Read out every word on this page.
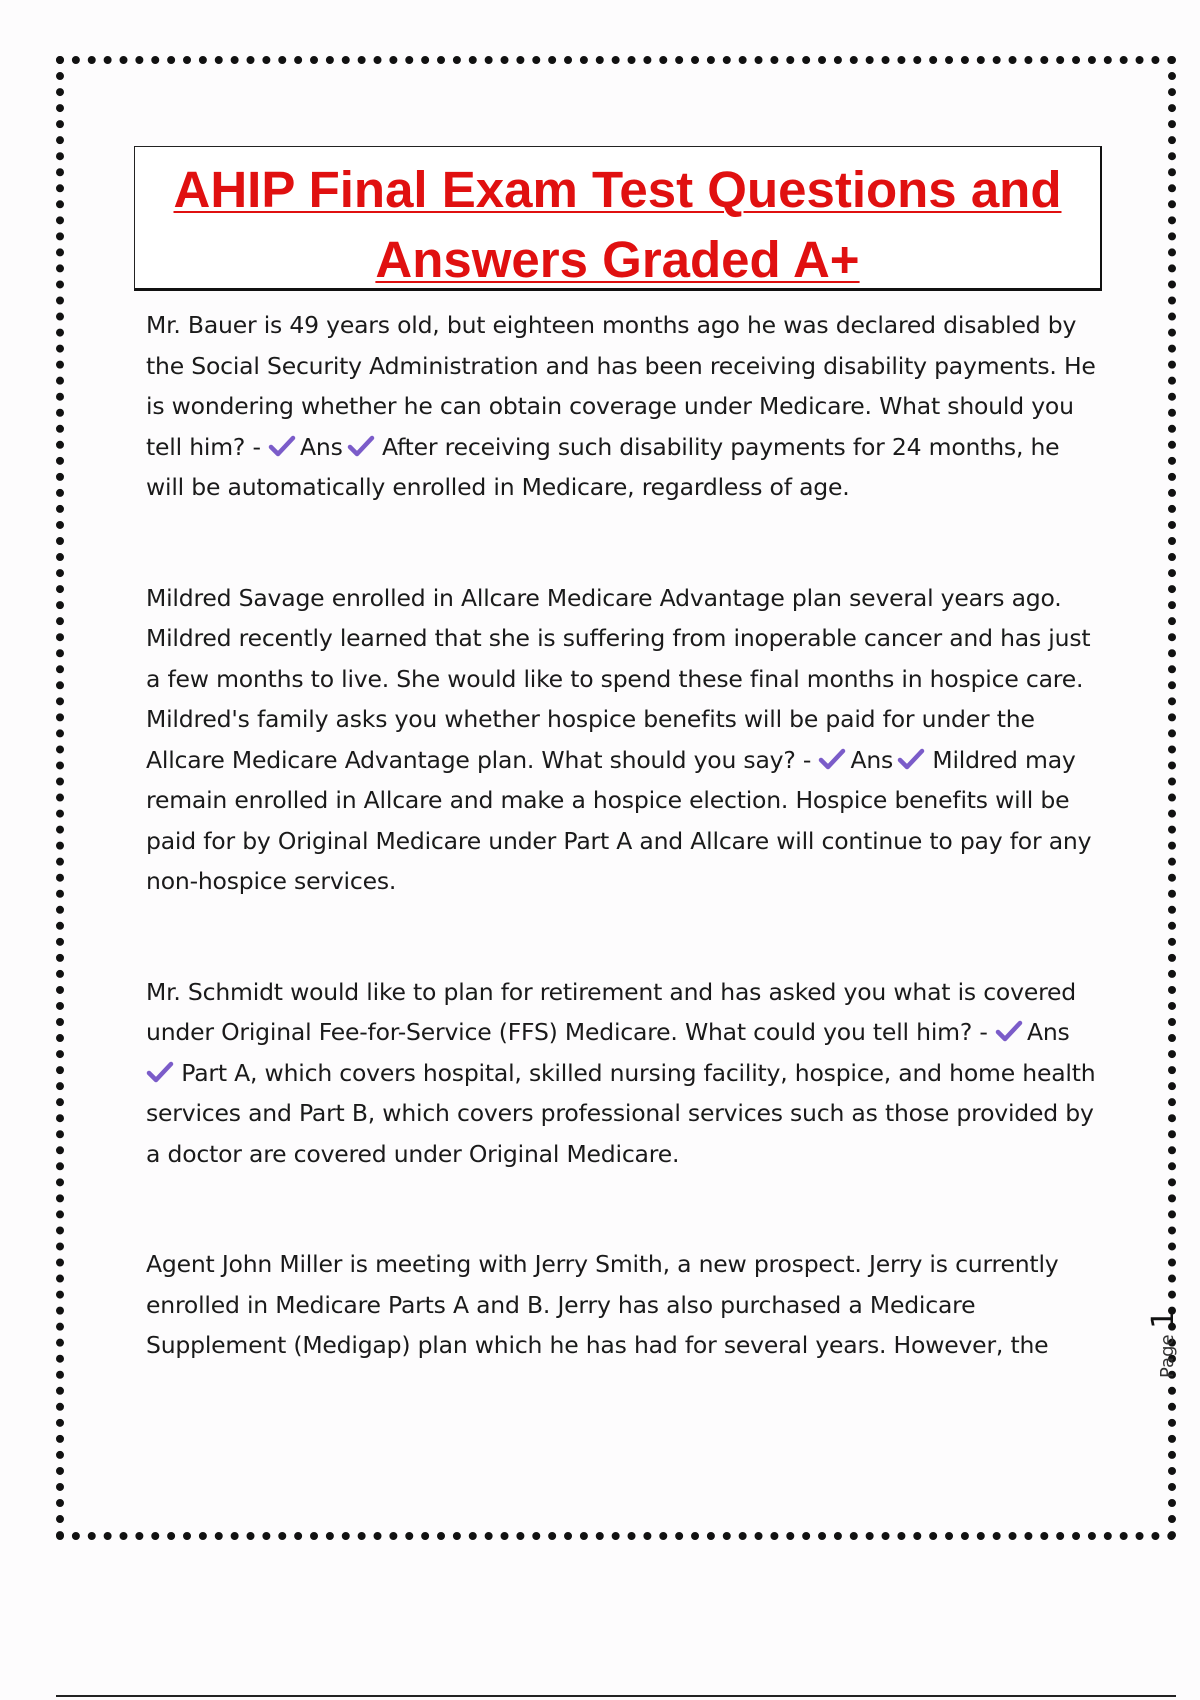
AHIP Final Exam Test Questions and
Answers Graded A+

Mr. Bauer is 49 years old, but eighteen months ago he was declared disabled by the Social Security Administration and has been receiving disability payments. He is wondering whether he can obtain coverage under Medicare. What should you tell him? - Ans After receiving such disability payments for 24 months, he will be automatically enrolled in Medicare, regardless of age.

Mildred Savage enrolled in Allcare Medicare Advantage plan several years ago. Mildred recently learned that she is suffering from inoperable cancer and has just a few months to live. She would like to spend these final months in hospice care. Mildred's family asks you whether hospice benefits will be paid for under the Allcare Medicare Advantage plan. What should you say? - Ans Mildred may remain enrolled in Allcare and make a hospice election. Hospice benefits will be paid for by Original Medicare under Part A and Allcare will continue to pay for any non-hospice services.

Mr. Schmidt would like to plan for retirement and has asked you what is covered under Original Fee-for-Service (FFS) Medicare. What could you tell him? - Ans Part A, which covers hospital, skilled nursing facility, hospice, and home health services and Part B, which covers professional services such as those provided by a doctor are covered under Original Medicare.

Agent John Miller is meeting with Jerry Smith, a new prospect. Jerry is currently enrolled in Medicare Parts A and B. Jerry has also purchased a Medicare Supplement (Medigap) plan which he has had for several years. However, the	Page 1
